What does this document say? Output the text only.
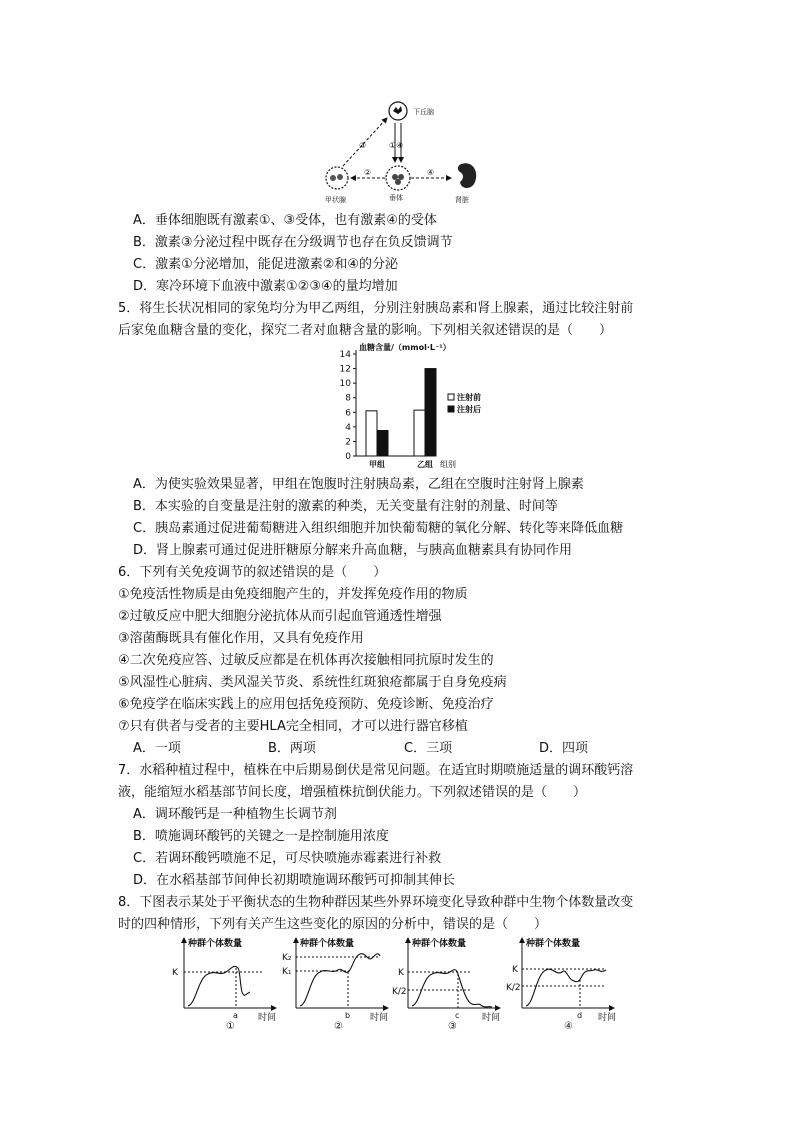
下丘脑
垂体
甲状腺	肾脏
③	①④
②	④
A．垂体细胞既有激素①、③受体，也有激素④的受体
B．激素③分泌过程中既存在分级调节也存在负反馈调节
C．激素①分泌增加，能促进激素②和④的分泌
D．寒冷环境下血液中激素①②③④的量均增加
5．将生长状况相同的家兔均分为甲乙两组，分别注射胰岛素和肾上腺素，通过比较注射前
后家兔血糖含量的变化，探究二者对血糖含量的影响。下列相关叙述错误的是（　　）
0
2
4
6
8
10
12
14
血糖含量/（mmol·L⁻¹）
甲组	乙组 组别
注射前
注射后
A．为使实验效果显著，甲组在饱腹时注射胰岛素，乙组在空腹时注射肾上腺素
B．本实验的自变量是注射的激素的种类，无关变量有注射的剂量、时间等
C．胰岛素通过促进葡萄糖进入组织细胞并加快葡萄糖的氧化分解、转化等来降低血糖
D．肾上腺素可通过促进肝糖原分解来升高血糖，与胰高血糖素具有协同作用
6．下列有关免疫调节的叙述错误的是（　　）
①免疫活性物质是由免疫细胞产生的，并发挥免疫作用的物质
②过敏反应中肥大细胞分泌抗体从而引起血管通透性增强
③溶菌酶既具有催化作用，又具有免疫作用
④二次免疫应答、过敏反应都是在机体再次接触相同抗原时发生的
⑤风湿性心脏病、类风湿关节炎、系统性红斑狼疮都属于自身免疫病
⑥免疫学在临床实践上的应用包括免疫预防、免疫诊断、免疫治疗
⑦只有供者与受者的主要HLA完全相同，才可以进行器官移植
A．一项	B．两项	C．三项	D．四项
7．水稻种植过程中，植株在中后期易倒伏是常见问题。在适宜时期喷施适量的调环酸钙溶
液，能缩短水稻基部节间长度，增强植株抗倒伏能力。下列叙述错误的是（　　）
A．调环酸钙是一种植物生长调节剂
B．喷施调环酸钙的关键之一是控制施用浓度
C．若调环酸钙喷施不足，可尽快喷施赤霉素进行补救
D．在水稻基部节间伸长初期喷施调环酸钙可抑制其伸长
8．下图表示某处于平衡状态的生物种群因某些外界环境变化导致种群中生物个体数量改变
时的四种情形，下列有关产生这些变化的原因的分析中，错误的是（　　）
种群个体数量
K
a 时间
①
种群个体数量
K₂
K₁
b 时间
②
种群个体数量
K
K/2
c	时间
③
种群个体数量
K
K/2
d 时间
④
